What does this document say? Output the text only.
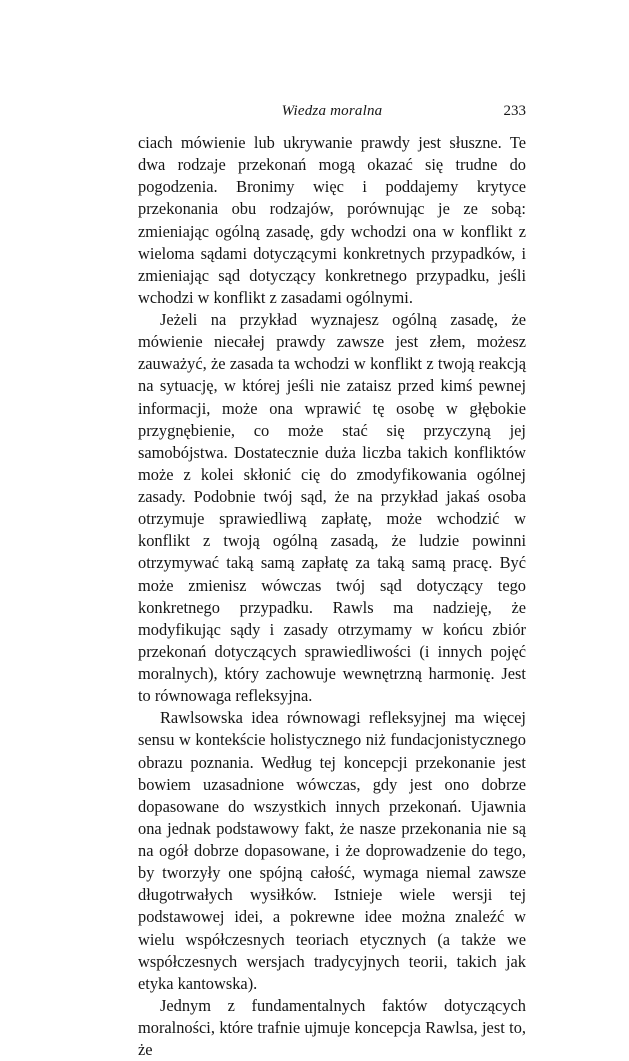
Wiedza moralna	233

ciach mówienie lub ukrywanie prawdy jest słuszne. Te dwa rodzaje przekonań mogą okazać się trudne do pogodzenia. Bronimy więc i poddajemy krytyce przekonania obu rodzajów, porównując je ze sobą: zmieniając ogólną zasadę, gdy wchodzi ona w konflikt z wieloma sądami dotyczącymi konkretnych przypadków, i zmieniając sąd dotyczący konkretnego przypadku, jeśli wchodzi w konflikt z zasadami ogólnymi.

Jeżeli na przykład wyznajesz ogólną zasadę, że mówienie niecałej prawdy zawsze jest złem, możesz zauważyć, że zasada ta wchodzi w konflikt z twoją reakcją na sytuację, w której jeśli nie zataisz przed kimś pewnej informacji, może ona wprawić tę osobę w głębokie przygnębienie, co może stać się przyczyną jej samobójstwa. Dostatecznie duża liczba takich konfliktów może z kolei skłonić cię do zmodyfikowania ogólnej zasady. Podobnie twój sąd, że na przykład jakaś osoba otrzymuje sprawiedliwą zapłatę, może wchodzić w konflikt z twoją ogólną zasadą, że ludzie powinni otrzymywać taką samą zapłatę za taką samą pracę. Być może zmienisz wówczas twój sąd dotyczący tego konkretnego przypadku. Rawls ma nadzieję, że modyfikując sądy i zasady otrzymamy w końcu zbiór przekonań dotyczących sprawiedliwości (i innych pojęć moralnych), który zachowuje wewnętrzną harmonię. Jest to równowaga refleksyjna.

Rawlsowska idea równowagi refleksyjnej ma więcej sensu w kontekście holistycznego niż fundacjonistycznego obrazu poznania. Według tej koncepcji przekonanie jest bowiem uzasadnione wówczas, gdy jest ono dobrze dopasowane do wszystkich innych przekonań. Ujawnia ona jednak podstawowy fakt, że nasze przekonania nie są na ogół dobrze dopasowane, i że doprowadzenie do tego, by tworzyły one spójną całość, wymaga niemal zawsze długotrwałych wysiłków. Istnieje wiele wersji tej podstawowej idei, a pokrewne idee można znaleźć w wielu współczesnych teoriach etycznych (a także we współczesnych wersjach tradycyjnych teorii, takich jak etyka kantowska).

Jednym z fundamentalnych faktów dotyczących moralności, które trafnie ujmuje koncepcja Rawlsa, jest to, że
